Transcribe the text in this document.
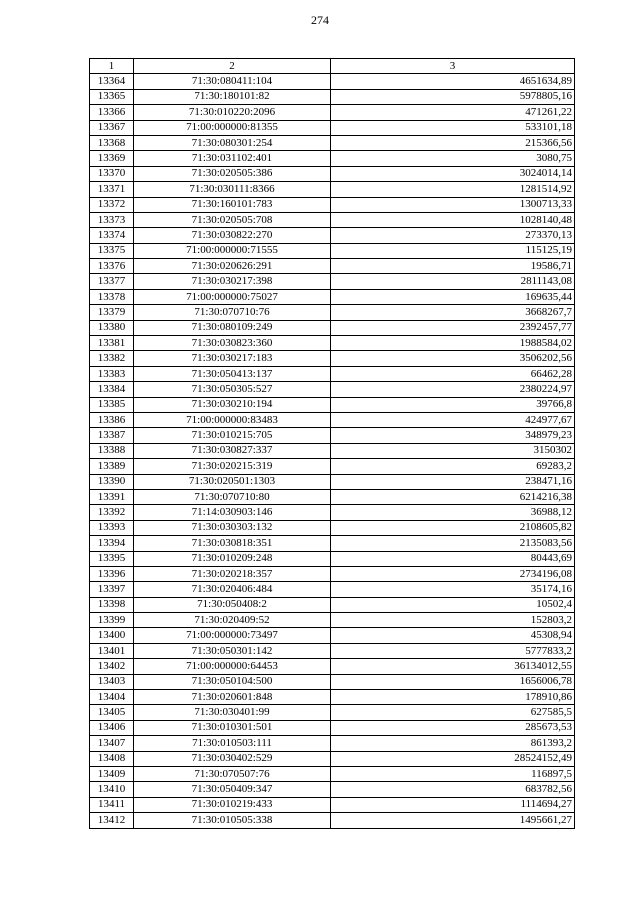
274
1	2	3
13364	71:30:080411:104	4651634,89
13365	71:30:180101:82	5978805,16
13366	71:30:010220:2096	471261,22
13367	71:00:000000:81355	533101,18
13368	71:30:080301:254	215366,56
13369	71:30:031102:401	3080,75
13370	71:30:020505:386	3024014,14
13371	71:30:030111:8366	1281514,92
13372	71:30:160101:783	1300713,33
13373	71:30:020505:708	1028140,48
13374	71:30:030822:270	273370,13
13375	71:00:000000:71555	115125,19
13376	71:30:020626:291	19586,71
13377	71:30:030217:398	2811143,08
13378	71:00:000000:75027	169635,44
13379	71:30:070710:76	3668267,7
13380	71:30:080109:249	2392457,77
13381	71:30:030823:360	1988584,02
13382	71:30:030217:183	3506202,56
13383	71:30:050413:137	66462,28
13384	71:30:050305:527	2380224,97
13385	71:30:030210:194	39766,8
13386	71:00:000000:83483	424977,67
13387	71:30:010215:705	348979,23
13388	71:30:030827:337	3150302
13389	71:30:020215:319	69283,2
13390	71:30:020501:1303	238471,16
13391	71:30:070710:80	6214216,38
13392	71:14:030903:146	36988,12
13393	71:30:030303:132	2108605,82
13394	71:30:030818:351	2135083,56
13395	71:30:010209:248	80443,69
13396	71:30:020218:357	2734196,08
13397	71:30:020406:484	35174,16
13398	71:30:050408:2	10502,4
13399	71:30:020409:52	152803,2
13400	71:00:000000:73497	45308,94
13401	71:30:050301:142	5777833,2
13402	71:00:000000:64453	36134012,55
13403	71:30:050104:500	1656006,78
13404	71:30:020601:848	178910,86
13405	71:30:030401:99	627585,5
13406	71:30:010301:501	285673,53
13407	71:30:010503:111	861393,2
13408	71:30:030402:529	28524152,49
13409	71:30:070507:76	116897,5
13410	71:30:050409:347	683782,56
13411	71:30:010219:433	1114694,27
13412	71:30:010505:338	1495661,27
